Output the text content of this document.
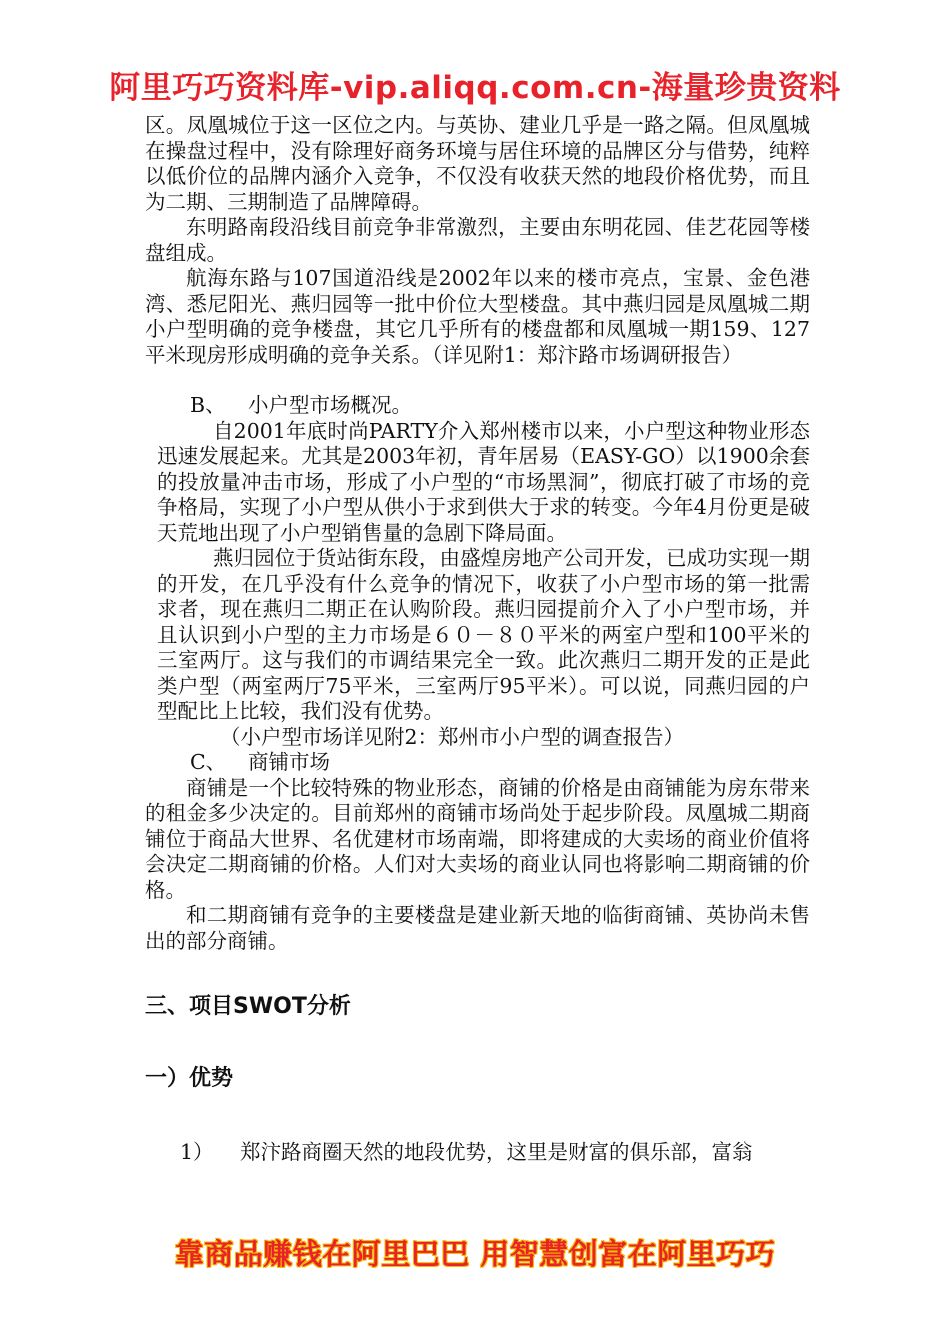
阿里巧巧资料库-vip.aliqq.com.cn-海量珍贵资料

区。凤凰城位于这一区位之内。与英协、建业几乎是一路之隔。但凤凰城在操盘过程中，没有除理好商务环境与居住环境的品牌区分与借势，纯粹以低价位的品牌内涵介入竞争，不仅没有收获天然的地段价格优势，而且为二期、三期制造了品牌障碍。

东明路南段沿线目前竞争非常激烈，主要由东明花园、佳艺花园等楼盘组成。

航海东路与107国道沿线是2002年以来的楼市亮点，宝景、金色港湾、悉尼阳光、燕归园等一批中价位大型楼盘。其中燕归园是凤凰城二期小户型明确的竞争楼盘，其它几乎所有的楼盘都和凤凰城一期159、127平米现房形成明确的竞争关系。（详见附1：郑汴路市场调研报告）

B、 小户型市场概况。

自2001年底时尚PARTY介入郑州楼市以来，小户型这种物业形态迅速发展起来。尤其是2003年初，青年居易（EASY-GO）以1900余套的投放量冲击市场，形成了小户型的“市场黑洞”，彻底打破了市场的竞争格局，实现了小户型从供小于求到供大于求的转变。今年4月份更是破天荒地出现了小户型销售量的急剧下降局面。

燕归园位于货站街东段，由盛煌房地产公司开发，已成功实现一期的开发，在几乎没有什么竞争的情况下，收获了小户型市场的第一批需求者，现在燕归二期正在认购阶段。燕归园提前介入了小户型市场，并且认识到小户型的主力市场是６０－８０平米的两室户型和100平米的三室两厅。这与我们的市调结果完全一致。此次燕归二期开发的正是此类户型（两室两厅75平米，三室两厅95平米）。可以说，同燕归园的户型配比上比较，我们没有优势。

（小户型市场详见附2：郑州市小户型的调查报告）

C、 商铺市场

商铺是一个比较特殊的物业形态，商铺的价格是由商铺能为房东带来的租金多少决定的。目前郑州的商铺市场尚处于起步阶段。凤凰城二期商铺位于商品大世界、名优建材市场南端，即将建成的大卖场的商业价值将会决定二期商铺的价格。人们对大卖场的商业认同也将影响二期商铺的价格。

和二期商铺有竞争的主要楼盘是建业新天地的临街商铺、英协尚未售出的部分商铺。

三、项目SWOT分析

一）优势

1） 郑汴路商圈天然的地段优势，这里是财富的俱乐部，富翁

靠商品赚钱在阿里巴巴 用智慧创富在阿里巧巧
